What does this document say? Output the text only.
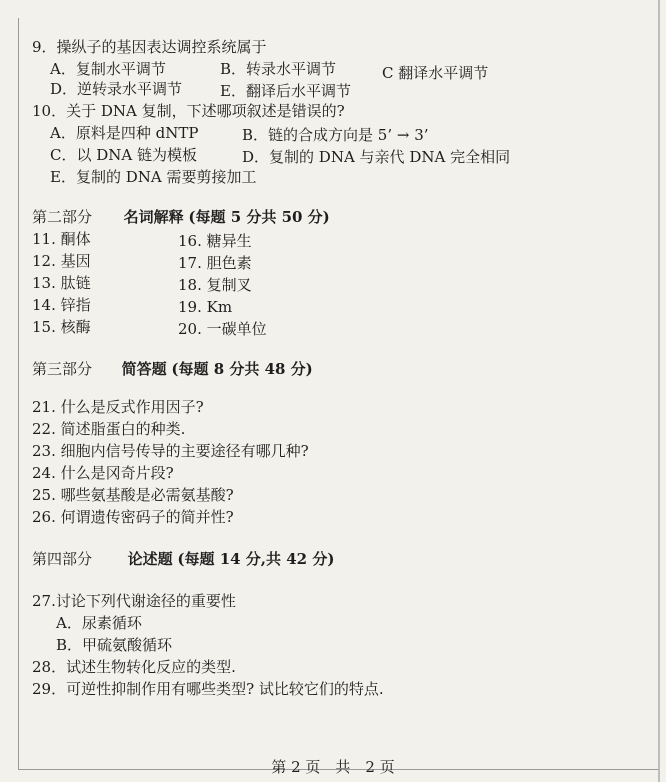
9．操纵子的基因表达调控系统属于
A．复制水平调节	B．转录水平调节	C 翻译水平调节
D．逆转录水平调节	E．翻译后水平调节
10．关于 DNA 复制，下述哪项叙述是错误的?
A．原料是四种 dNTP	B．链的合成方向是 5’ → 3’
C．以 DNA 链为模板	D．复制的 DNA 与亲代 DNA 完全相同
E．复制的 DNA 需要剪接加工
第二部分 名词解释 (每题 5 分共 50 分)
11. 酮体
12. 基因
13. 肽链
14. 锌指
15. 核酶
16. 糖异生
17. 胆色素
18. 复制叉
19. Km
20. 一碳单位
第三部分 简答题 (每题 8 分共 48 分)
21. 什么是反式作用因子?
22. 简述脂蛋白的种类.
23. 细胞内信号传导的主要途径有哪几种?
24. 什么是冈奇片段?
25. 哪些氨基酸是必需氨基酸?
26. 何谓遗传密码子的简并性?
第四部分 论述题 (每题 14 分,共 42 分)
27.讨论下列代谢途径的重要性
A．尿素循环
B．甲硫氨酸循环
28．试述生物转化反应的类型.
29．可逆性抑制作用有哪些类型? 试比较它们的特点.
第 2 页　共　2 页
